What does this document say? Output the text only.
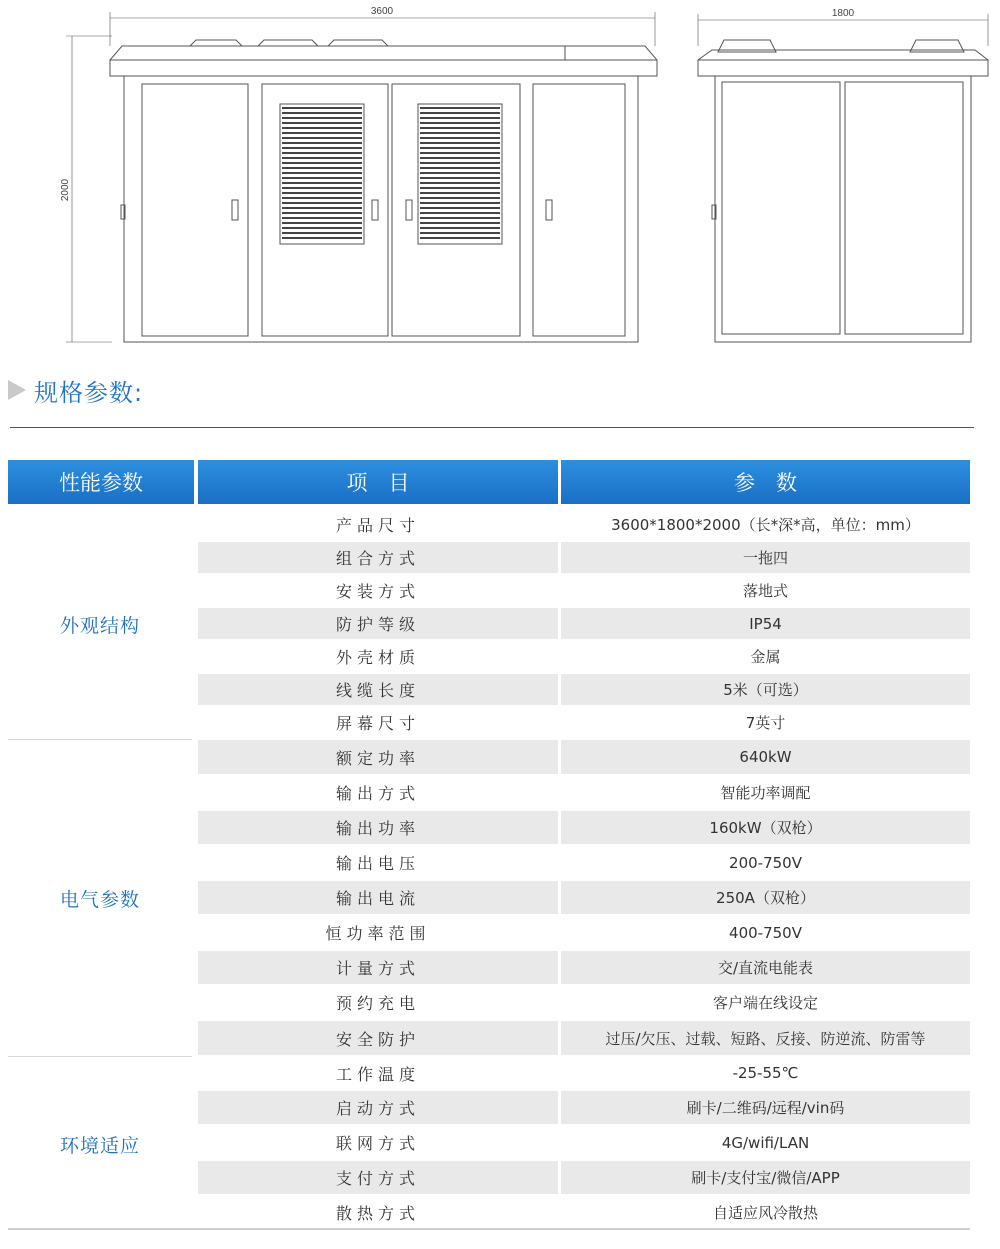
3600
2000
1800
规格参数:
性能参数	项　目	参　数
产品尺寸	3600*1800*2000（长*深*高，单位：mm）
组合方式	一拖四
安装方式	落地式
防护等级	IP54
外壳材质	金属
线缆长度	5米（可选）
屏幕尺寸	7英寸
外观结构
额定功率	640kW
输出方式	智能功率调配
输出功率	160kW（双枪）
输出电压	200-750V
输出电流	250A（双枪）
恒功率范围	400-750V
计量方式	交/直流电能表
预约充电	客户端在线设定
安全防护	过压/欠压、过载、短路、反接、防逆流、防雷等
电气参数
工作温度	-25-55℃
启动方式	刷卡/二维码/远程/vin码
联网方式	4G/wifi/LAN
支付方式	刷卡/支付宝/微信/APP
散热方式	自适应风冷散热
环境适应
